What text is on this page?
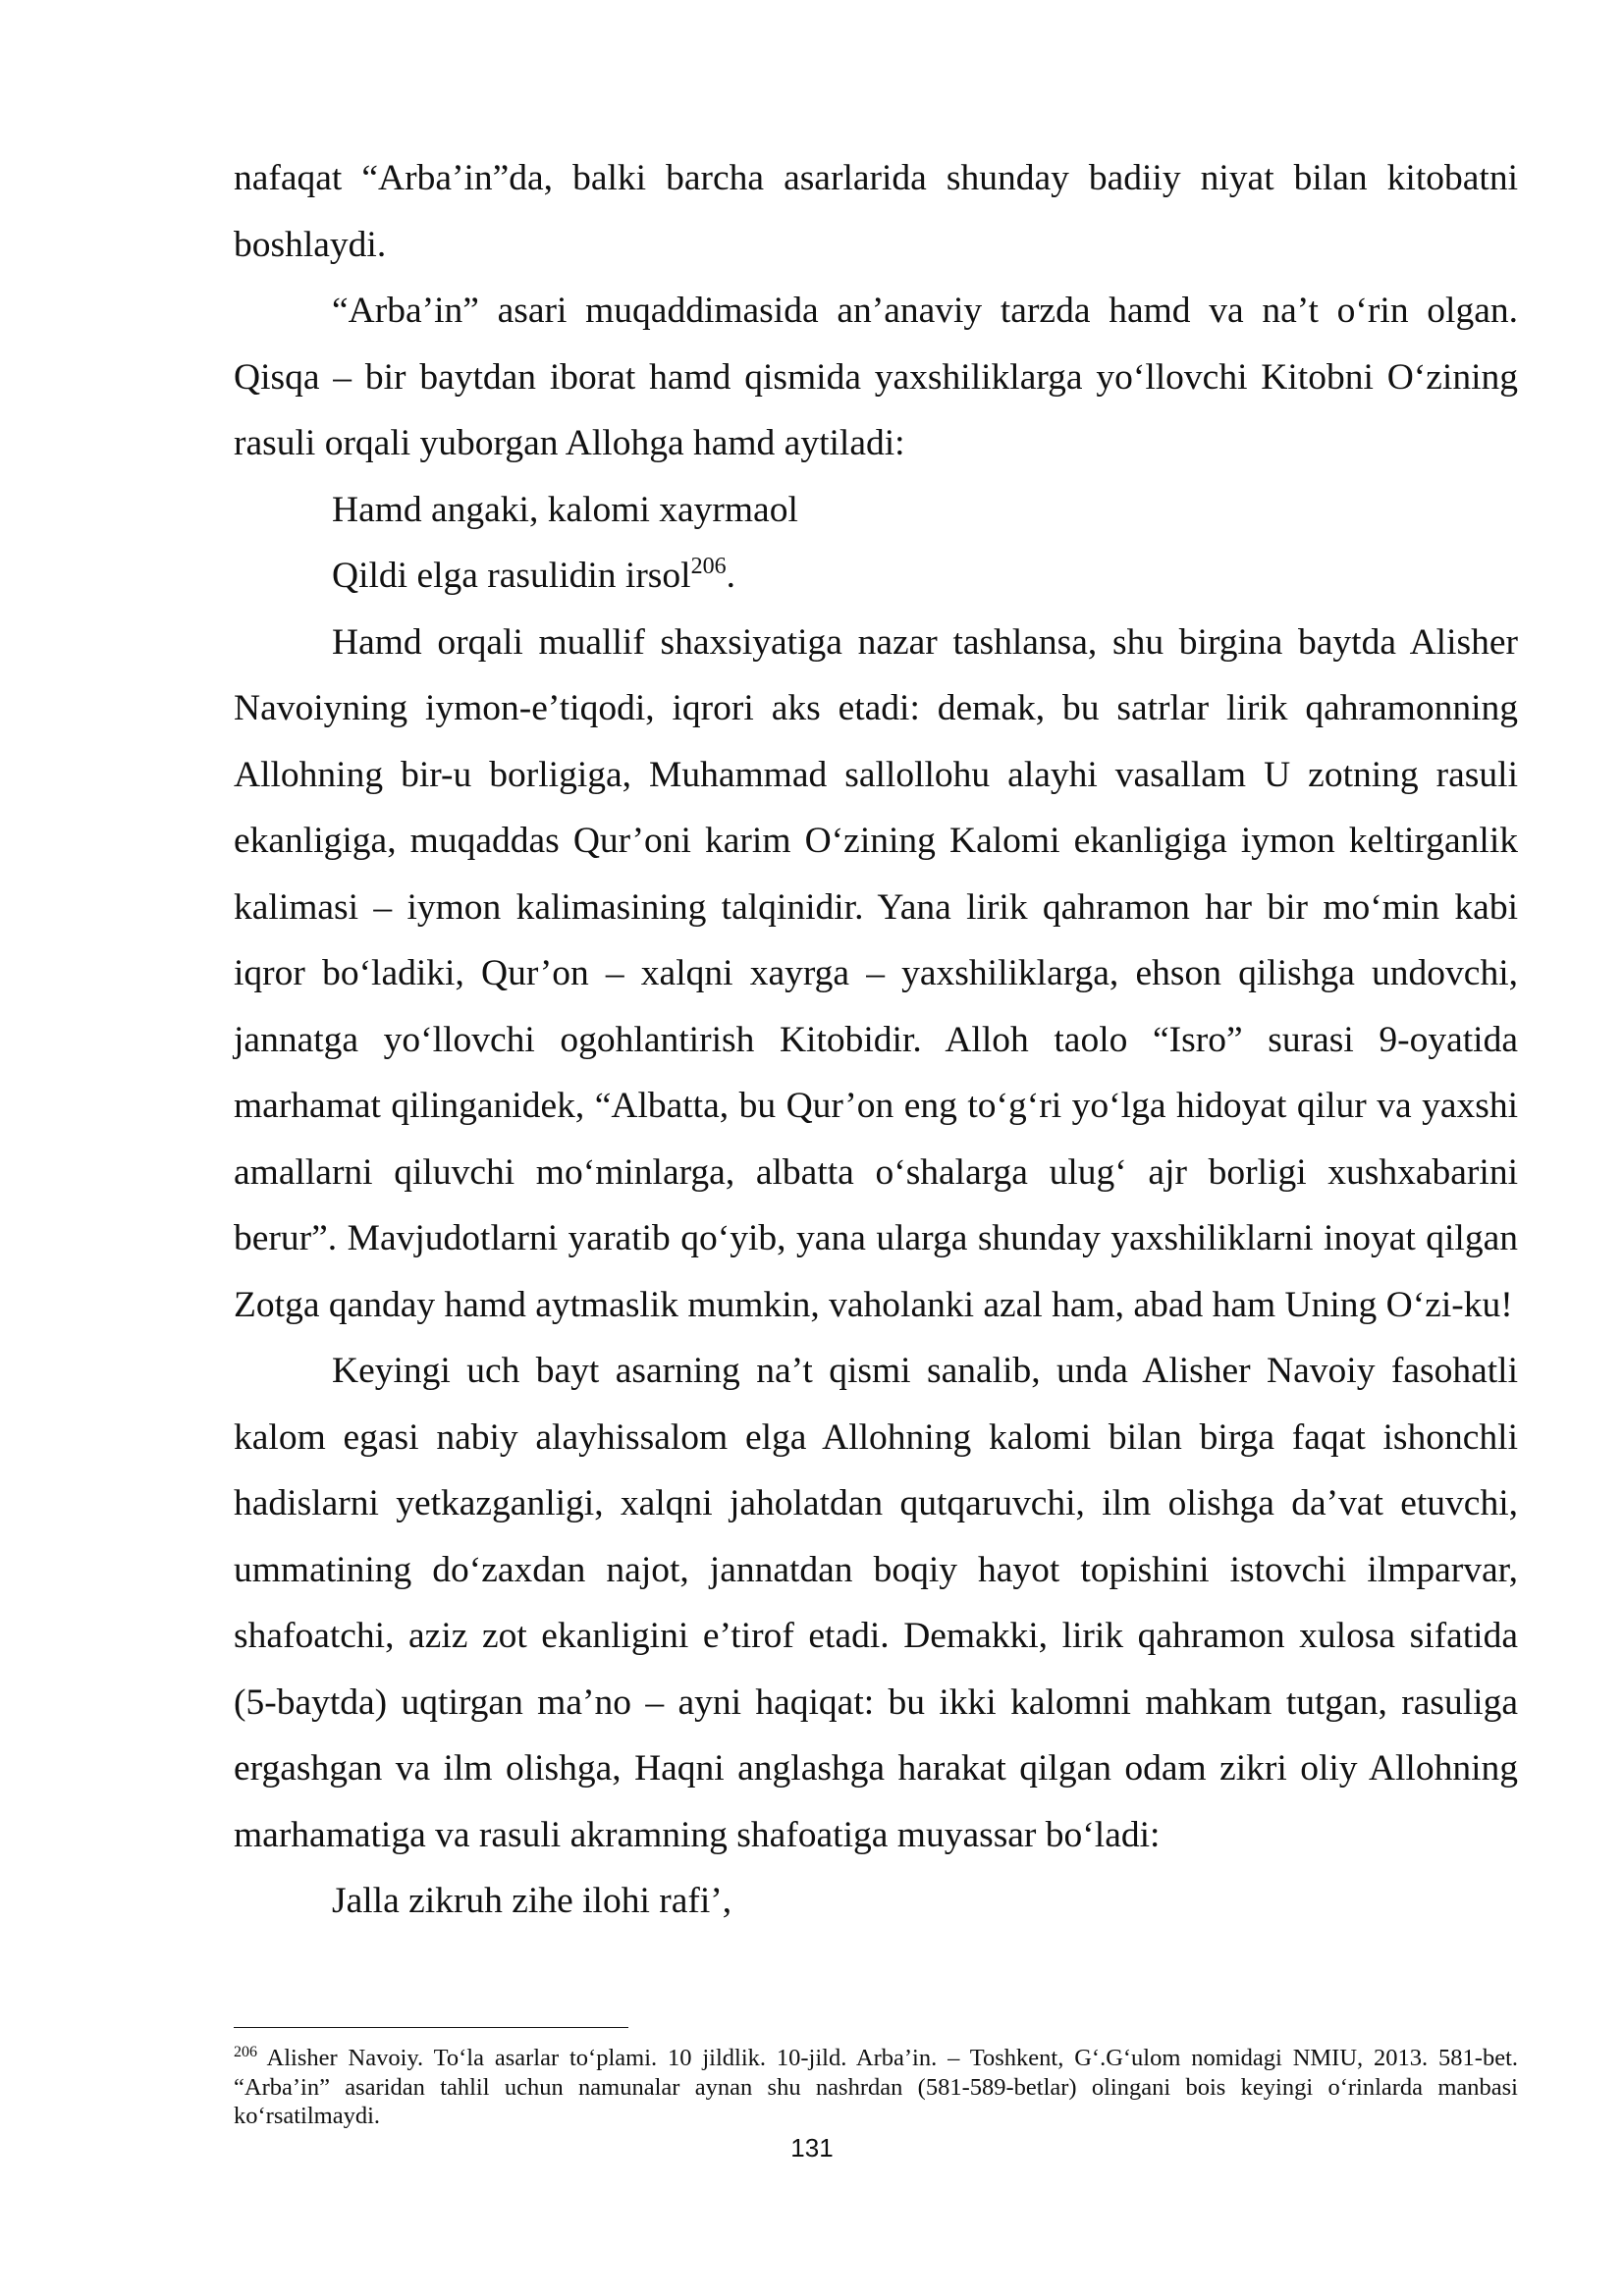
nafaqat “Arba’in”da, balki barcha asarlarida shunday badiiy niyat bilan kitobatni boshlaydi.

“Arba’in” asari muqaddimasida an’anaviy tarzda hamd va na’t o‘rin olgan. Qisqa – bir baytdan iborat hamd qismida yaxshiliklarga yo‘llovchi Kitobni O‘zining rasuli orqali yuborgan Allohga hamd aytiladi:

Hamd angaki, kalomi xayrmaol

Qildi elga rasulidin irsol$^{206}$.

Hamd orqali muallif shaxsiyatiga nazar tashlansa, shu birgina baytda Alisher Navoiyning iymon-e’tiqodi, iqrori aks etadi: demak, bu satrlar lirik qahramonning Allohning bir-u borligiga, Muhammad sallollohu alayhi vasallam U zotning rasuli ekanligiga, muqaddas Qur’oni karim O‘zining Kalomi ekanligiga iymon keltirganlik kalimasi – iymon kalimasining talqinidir. Yana lirik qahramon har bir mo‘min kabi iqror bo‘ladiki, Qur’on – xalqni xayrga – yaxshiliklarga, ehson qilishga undovchi, jannatga yo‘llovchi ogohlantirish Kitobidir. Alloh taolo “Isro” surasi 9-oyatida marhamat qilinganidek, “Albatta, bu Qur’on eng to‘g‘ri yo‘lga hidoyat qilur va yaxshi amallarni qiluvchi mo‘minlarga, albatta o‘shalarga ulug‘ ajr borligi xushxabarini berur”. Mavjudotlarni yaratib qo‘yib, yana ularga shunday yaxshiliklarni inoyat qilgan Zotga qanday hamd aytmaslik mumkin, vaholanki azal ham, abad ham Uning O‘zi-ku!

Keyingi uch bayt asarning na’t qismi sanalib, unda Alisher Navoiy fasohatli kalom egasi nabiy alayhissalom elga Allohning kalomi bilan birga faqat ishonchli hadislarni yetkazganligi, xalqni jaholatdan qutqaruvchi, ilm olishga da’vat etuvchi, ummatining do‘zaxdan najot, jannatdan boqiy hayot topishini istovchi ilmparvar, shafoatchi, aziz zot ekanligini e’tirof etadi. Demakki, lirik qahramon xulosa sifatida (5-baytda) uqtirgan ma’no – ayni haqiqat: bu ikki kalomni mahkam tutgan, rasuliga ergashgan va ilm olishga, Haqni anglashga harakat qilgan odam zikri oliy Allohning marhamatiga va rasuli akramning shafoatiga muyassar bo‘ladi:

Jalla zikruh zihe ilohi rafi’,

$^{206}$ Alisher Navoiy. To‘la asarlar to‘plami. 10 jildlik. 10-jild. Arba’in. – Toshkent, G‘.G‘ulom nomidagi NMIU, 2013. 581-bet. “Arba’in” asaridan tahlil uchun namunalar aynan shu nashrdan (581-589-betlar) olingani bois keyingi o‘rinlarda manbasi ko‘rsatilmaydi.

131
